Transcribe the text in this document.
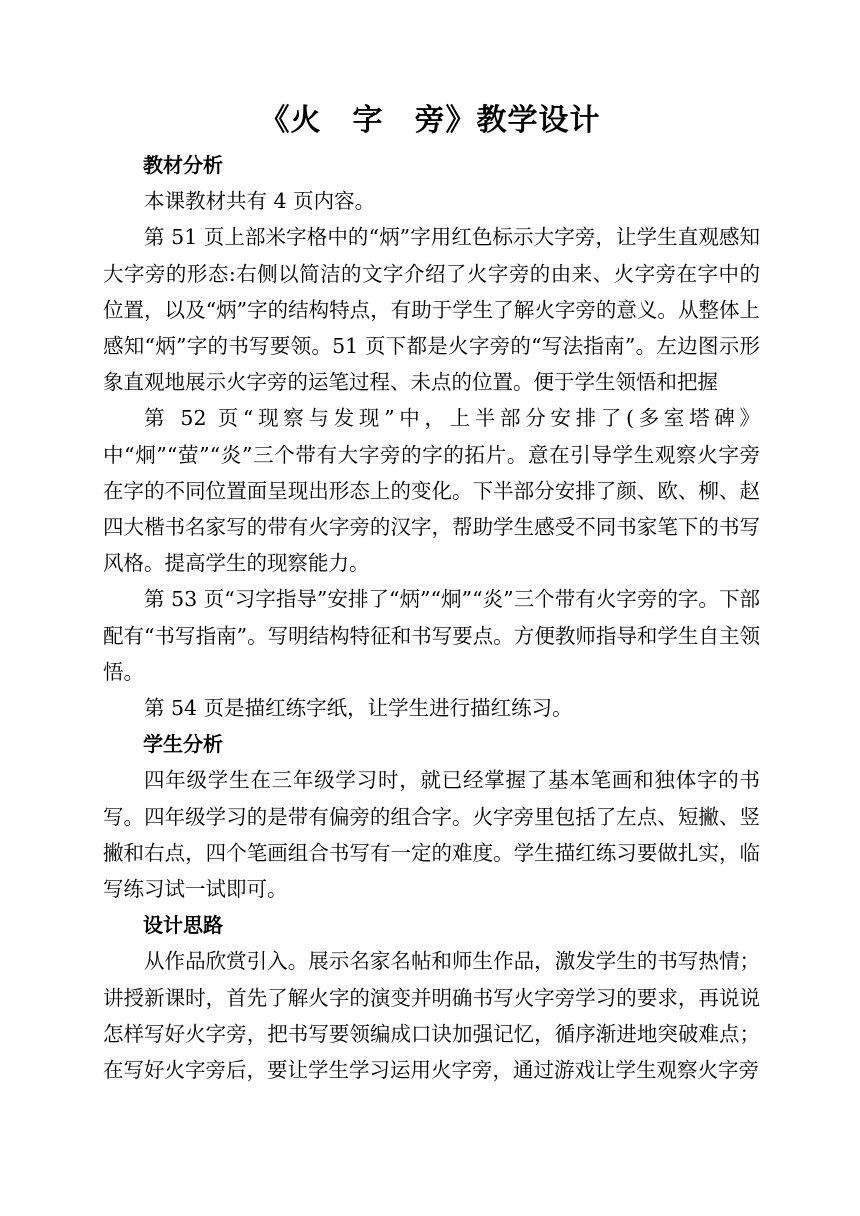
《火　字　旁》教学设计

教材分析

本课教材共有 4 页内容。

第 51 页上部米字格中的“炳”字用红色标示大字旁，让学生直观感知大字旁的形态:右侧以简洁的文字介绍了火字旁的由来、火字旁在字中的位置，以及“炳”字的结构特点，有助于学生了解火字旁的意义。从整体上感知“炳”字的书写要领。51 页下都是火字旁的“写法指南”。左边图示形象直观地展示火字旁的运笔过程、未点的位置。便于学生领悟和把握

第 52 页“现察与发现”中，上半部分安排了(多室塔碑》中“炯”“萤”“炎”三个带有大字旁的字的拓片。意在引导学生观察火字旁在字的不同位置面呈现出形态上的变化。下半部分安排了颜、欧、柳、赵四大楷书名家写的带有火字旁的汉字，帮助学生感受不同书家笔下的书写风格。提高学生的现察能力。

第 53 页“习字指导”安排了“炳”“炯”“炎”三个带有火字旁的字。下部配有“书写指南”。写明结构特征和书写要点。方便教师指导和学生自主领悟。

第 54 页是描红练字纸，让学生进行描红练习。

学生分析

四年级学生在三年级学习时，就已经掌握了基本笔画和独体字的书写。四年级学习的是带有偏旁的组合字。火字旁里包括了左点、短撇、竖撇和右点，四个笔画组合书写有一定的难度。学生描红练习要做扎实，临写练习试一试即可。

设计思路

从作品欣赏引入。展示名家名帖和师生作品，激发学生的书写热情；讲授新课时，首先了解火字的演变并明确书写火字旁学习的要求，再说说怎样写好火字旁，把书写要领编成口诀加强记忆，循序渐进地突破难点；在写好火字旁后，要让学生学习运用火字旁，通过游戏让学生观察火字旁
